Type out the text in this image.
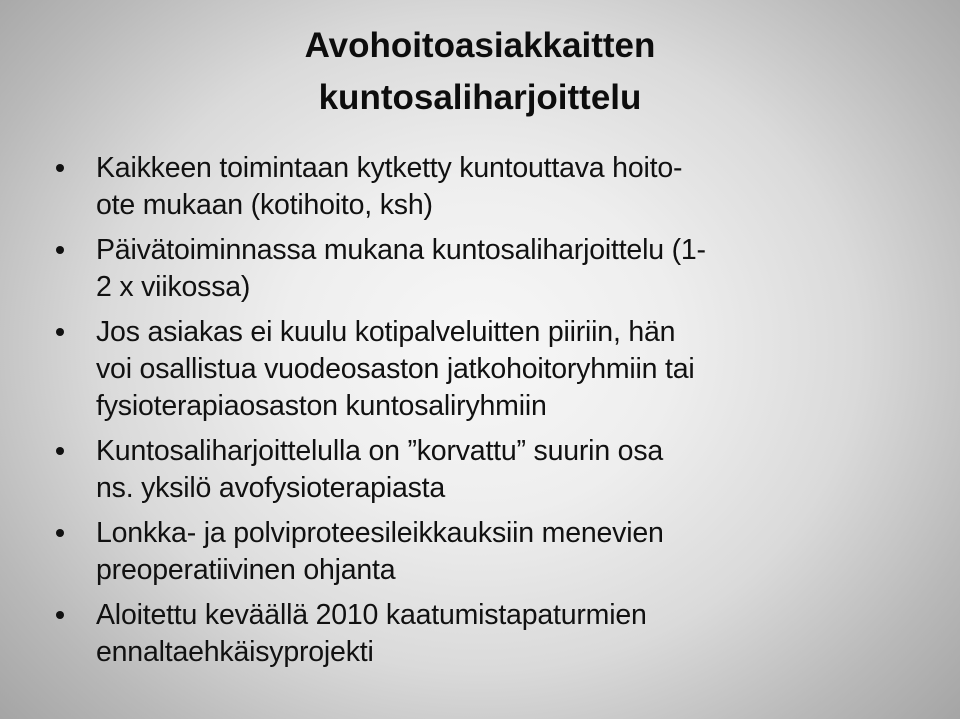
Avohoitoasiakkaitten
kuntosaliharjoittelu
Kaikkeen toimintaan kytketty kuntouttava hoito-
ote mukaan (kotihoito, ksh)
Päivätoiminnassa mukana kuntosaliharjoittelu (1-
2 x viikossa)
Jos asiakas ei kuulu kotipalveluitten piiriin, hän
voi osallistua vuodeosaston jatkohoitoryhmiin tai
fysioterapiaosaston kuntosaliryhmiin
Kuntosaliharjoittelulla on ”korvattu” suurin osa
ns. yksilö avofysioterapiasta
Lonkka- ja polviproteesileikkauksiin menevien
preoperatiivinen ohjanta
Aloitettu keväällä 2010 kaatumistapaturmien
ennaltaehkäisyprojekti
